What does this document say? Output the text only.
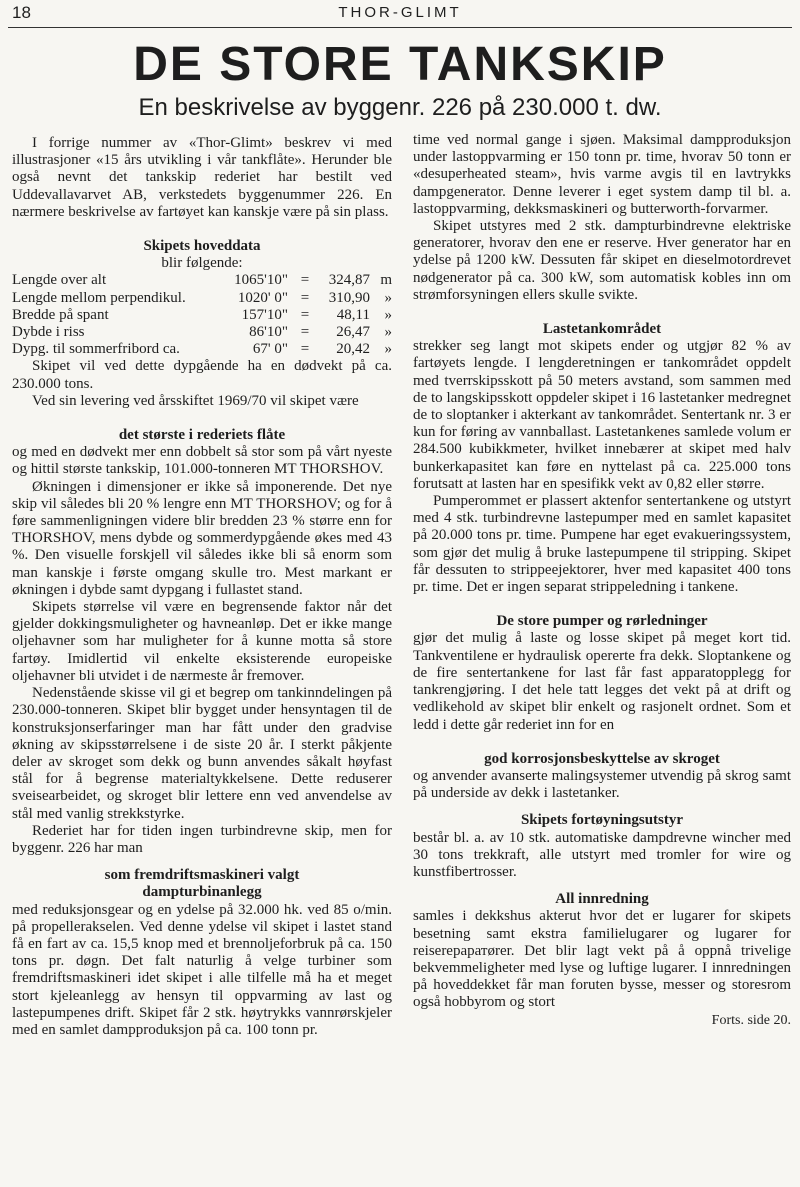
18	THOR-GLIMT
DE STORE TANKSKIP
En beskrivelse av byggenr. 226 på 230.000 t. dw.

I forrige nummer av «Thor-Glimt» beskrev vi med illustrasjoner «15 års utvikling i vår tankflåte». Herunder ble også nevnt det tankskip rederiet har bestilt ved Uddevallavarvet AB, verkstedets byggenummer 226. En nærmere beskrivelse av fartøyet kan kanskje være på sin plass.

Skipets hoveddata
blir følgende:
Lengde over alt	1065'10"	=	324,87	m
Lengde mellom perpendikul.	1020' 0"	=	310,90	»
Bredde på spant	157'10"	=	48,11	»
Dybde i riss	86'10"	=	26,47	»
Dypg. til sommerfribord ca.	67' 0"	=	20,42	»

Skipet vil ved dette dypgående ha en dødvekt på ca. 230.000 tons.

Ved sin levering ved årsskiftet 1969/70 vil skipet være

det største i rederiets flåte

og med en dødvekt mer enn dobbelt så stor som på vårt nyeste og hittil største tankskip, 101.000-tonneren MT THORSHOV.

Økningen i dimensjoner er ikke så imponerende. Det nye skip vil således bli 20 % lengre enn MT THORSHOV; og for å føre sammenligningen videre blir bredden 23 % større enn for THORSHOV, mens dybde og sommerdypgående økes med 43 %. Den visuelle forskjell vil således ikke bli så enorm som man kanskje i første omgang skulle tro. Mest markant er økningen i dybde samt dypgang i fullastet stand.

Skipets størrelse vil være en begrensende faktor når det gjelder dokkingsmuligheter og havneanløp. Det er ikke mange oljehavner som har muligheter for å kunne motta så store fartøy. Imidlertid vil enkelte eksisterende europeiske oljehavner bli utvidet i de nærmeste år fremover.

Nedenstående skisse vil gi et begrep om tankinndelingen på 230.000-tonneren. Skipet blir bygget under hensyntagen til de konstruksjonserfaringer man har fått under den gradvise økning av skipsstørrelsene i de siste 20 år. I sterkt påkjente deler av skroget som dekk og bunn anvendes såkalt høyfast stål for å begrense materialtykkelsene. Dette reduserer sveisearbeidet, og skroget blir lettere enn ved anvendelse av stål med vanlig strekkstyrke.

Rederiet har for tiden ingen turbindrevne skip, men for byggenr. 226 har man

som fremdriftsmaskineri valgt
dampturbinanlegg

med reduksjonsgear og en ydelse på 32.000 hk. ved 85 o/min. på propellerakselen. Ved denne ydelse vil skipet i lastet stand få en fart av ca. 15,5 knop med et brennoljeforbruk på ca. 150 tons pr. døgn. Det falt naturlig å velge turbiner som fremdriftsmaskineri idet skipet i alle tilfelle må ha et meget stort kjeleanlegg av hensyn til oppvarming av last og lastepumpenes drift. Skipet får 2 stk. høytrykks vannrørskjeler med en samlet dampproduksjon på ca. 100 tonn pr.

time ved normal gange i sjøen. Maksimal dampproduksjon under lastoppvarming er 150 tonn pr. time, hvorav 50 tonn er «desuperheated steam», hvis varme avgis til en lavtrykks dampgenerator. Denne leverer i eget system damp til bl. a. lastoppvarming, dekksmaskineri og butterworth-forvarmer.

Skipet utstyres med 2 stk. dampturbindrevne elektriske generatorer, hvorav den ene er reserve. Hver generator har en ydelse på 1200 kW. Dessuten får skipet en dieselmotordrevet nødgenerator på ca. 300 kW, som automatisk kobles inn om strømforsyningen ellers skulle svikte.

Lastetankområdet

strekker seg langt mot skipets ender og utgjør 82 % av fartøyets lengde. I lengderetningen er tankområdet oppdelt med tverrskipsskott på 50 meters avstand, som sammen med de to langskipsskott oppdeler skipet i 16 lastetanker medregnet de to sloptanker i akterkant av tankområdet. Sentertank nr. 3 er kun for føring av vannballast. Lastetankenes samlede volum er 284.500 kubikkmeter, hvilket innebærer at skipet med halv bunkerkapasitet kan føre en nyttelast på ca. 225.000 tons forutsatt at lasten har en spesifikk vekt av 0,82 eller større.

Pumperommet er plassert aktenfor sentertankene og utstyrt med 4 stk. turbindrevne lastepumper med en samlet kapasitet på 20.000 tons pr. time. Pumpene har eget evakueringssystem, som gjør det mulig å bruke lastepumpene til stripping. Skipet får dessuten to strippeejektorer, hver med kapasitet 400 tons pr. time. Det er ingen separat strippeledning i tankene.

De store pumper og rørledninger

gjør det mulig å laste og losse skipet på meget kort tid. Tankventilene er hydraulisk opererte fra dekk. Sloptankene og de fire sentertankene for last får fast apparatopplegg for tankrengjøring. I det hele tatt legges det vekt på at drift og vedlikehold av skipet blir enkelt og rasjonelt ordnet. Som et ledd i dette går rederiet inn for en

god korrosjonsbeskyttelse av skroget

og anvender avanserte malingsystemer utvendig på skrog samt på underside av dekk i lastetanker.

Skipets fortøyningsutstyr

består bl. a. av 10 stk. automatiske dampdrevne wincher med 30 tons trekkraft, alle utstyrt med tromler for wire og kunstfibertrosser.

All innredning

samles i dekkshus akterut hvor det er lugarer for skipets besetning samt ekstra familielugarer og lugarer for reiserepaратører. Det blir lagt vekt på å oppnå trivelige bekvemmeligheter med lyse og luftige lugarer. I innredningen på hoveddekket får man foruten bysse, messer og storesrom også hobbyrom og stort

Forts. side 20.
